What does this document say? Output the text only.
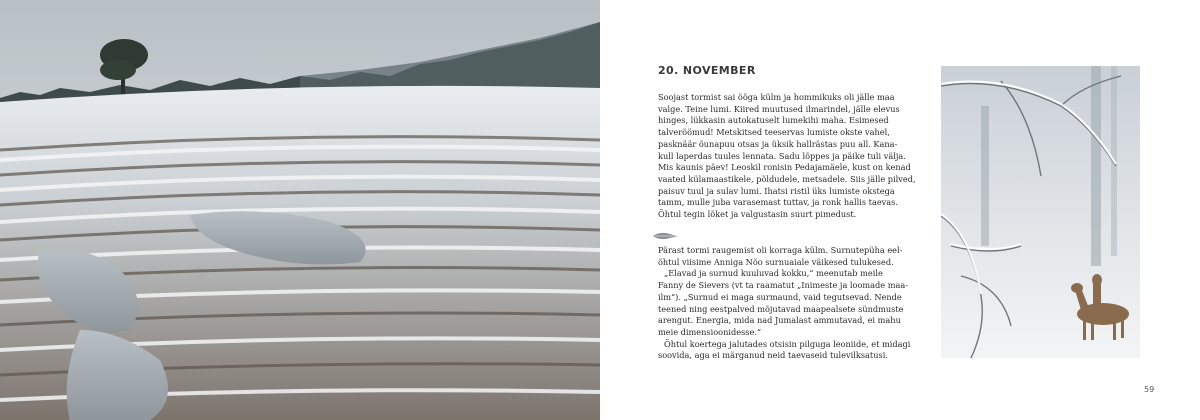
20. NOVEMBER
Soojast tormist sai ööga külm ja hommikuks oli jälle maa
valge. Teine lumi. Kiired muutused ilmarindel, jälle elevus
hinges, lükkasin autokatuselt lumekihi maha. Esimesed
talveröömud! Metskitsed teeservas lumiste okste vahel,
pasknäär õunapuu otsas ja üksik hallrästas puu all. Kana-
kull laperdas tuules lennata. Sadu lõppes ja päike tuli välja.
Mis kaunis päev! Leoskil ronisin Pedajamäele, kust on kenad
vaated külamaastikele, põldudele, metsadele. Siis jälle pilved,
paisuv tuul ja sulav lumi. Ihatsi ristil üks lumiste okstega
tamm, mulle juba varasemast tuttav, ja ronk hallis taevas.
Õhtul tegin lõket ja valgustasin suurt pimedust.
Pärast tormi raugemist oli korraga külm. Surnutepüha eel-
õhtul viisime Anniga Nõo surnuaiale väikesed tulukesed.
„Elavad ja surnud kuuluvad kokku,“ meenutab meile
Fanny de Sievers (vt ta raamatut „Inimeste ja loomade maa-
ilm“). „Surnud ei maga surmaund, vaid tegutsevad. Nende
teened ning eestpalved mõjutavad maapealsete sündmuste
arengut. Energia, mida nad Jumalast ammutavad, ei mahu
meie dimensioonidesse.“
Õhtul koertega jalutades otsisin pilguga leoniide, et midagi
soovida, aga ei märganud neid taevaseid tulevilksatusi.
59
